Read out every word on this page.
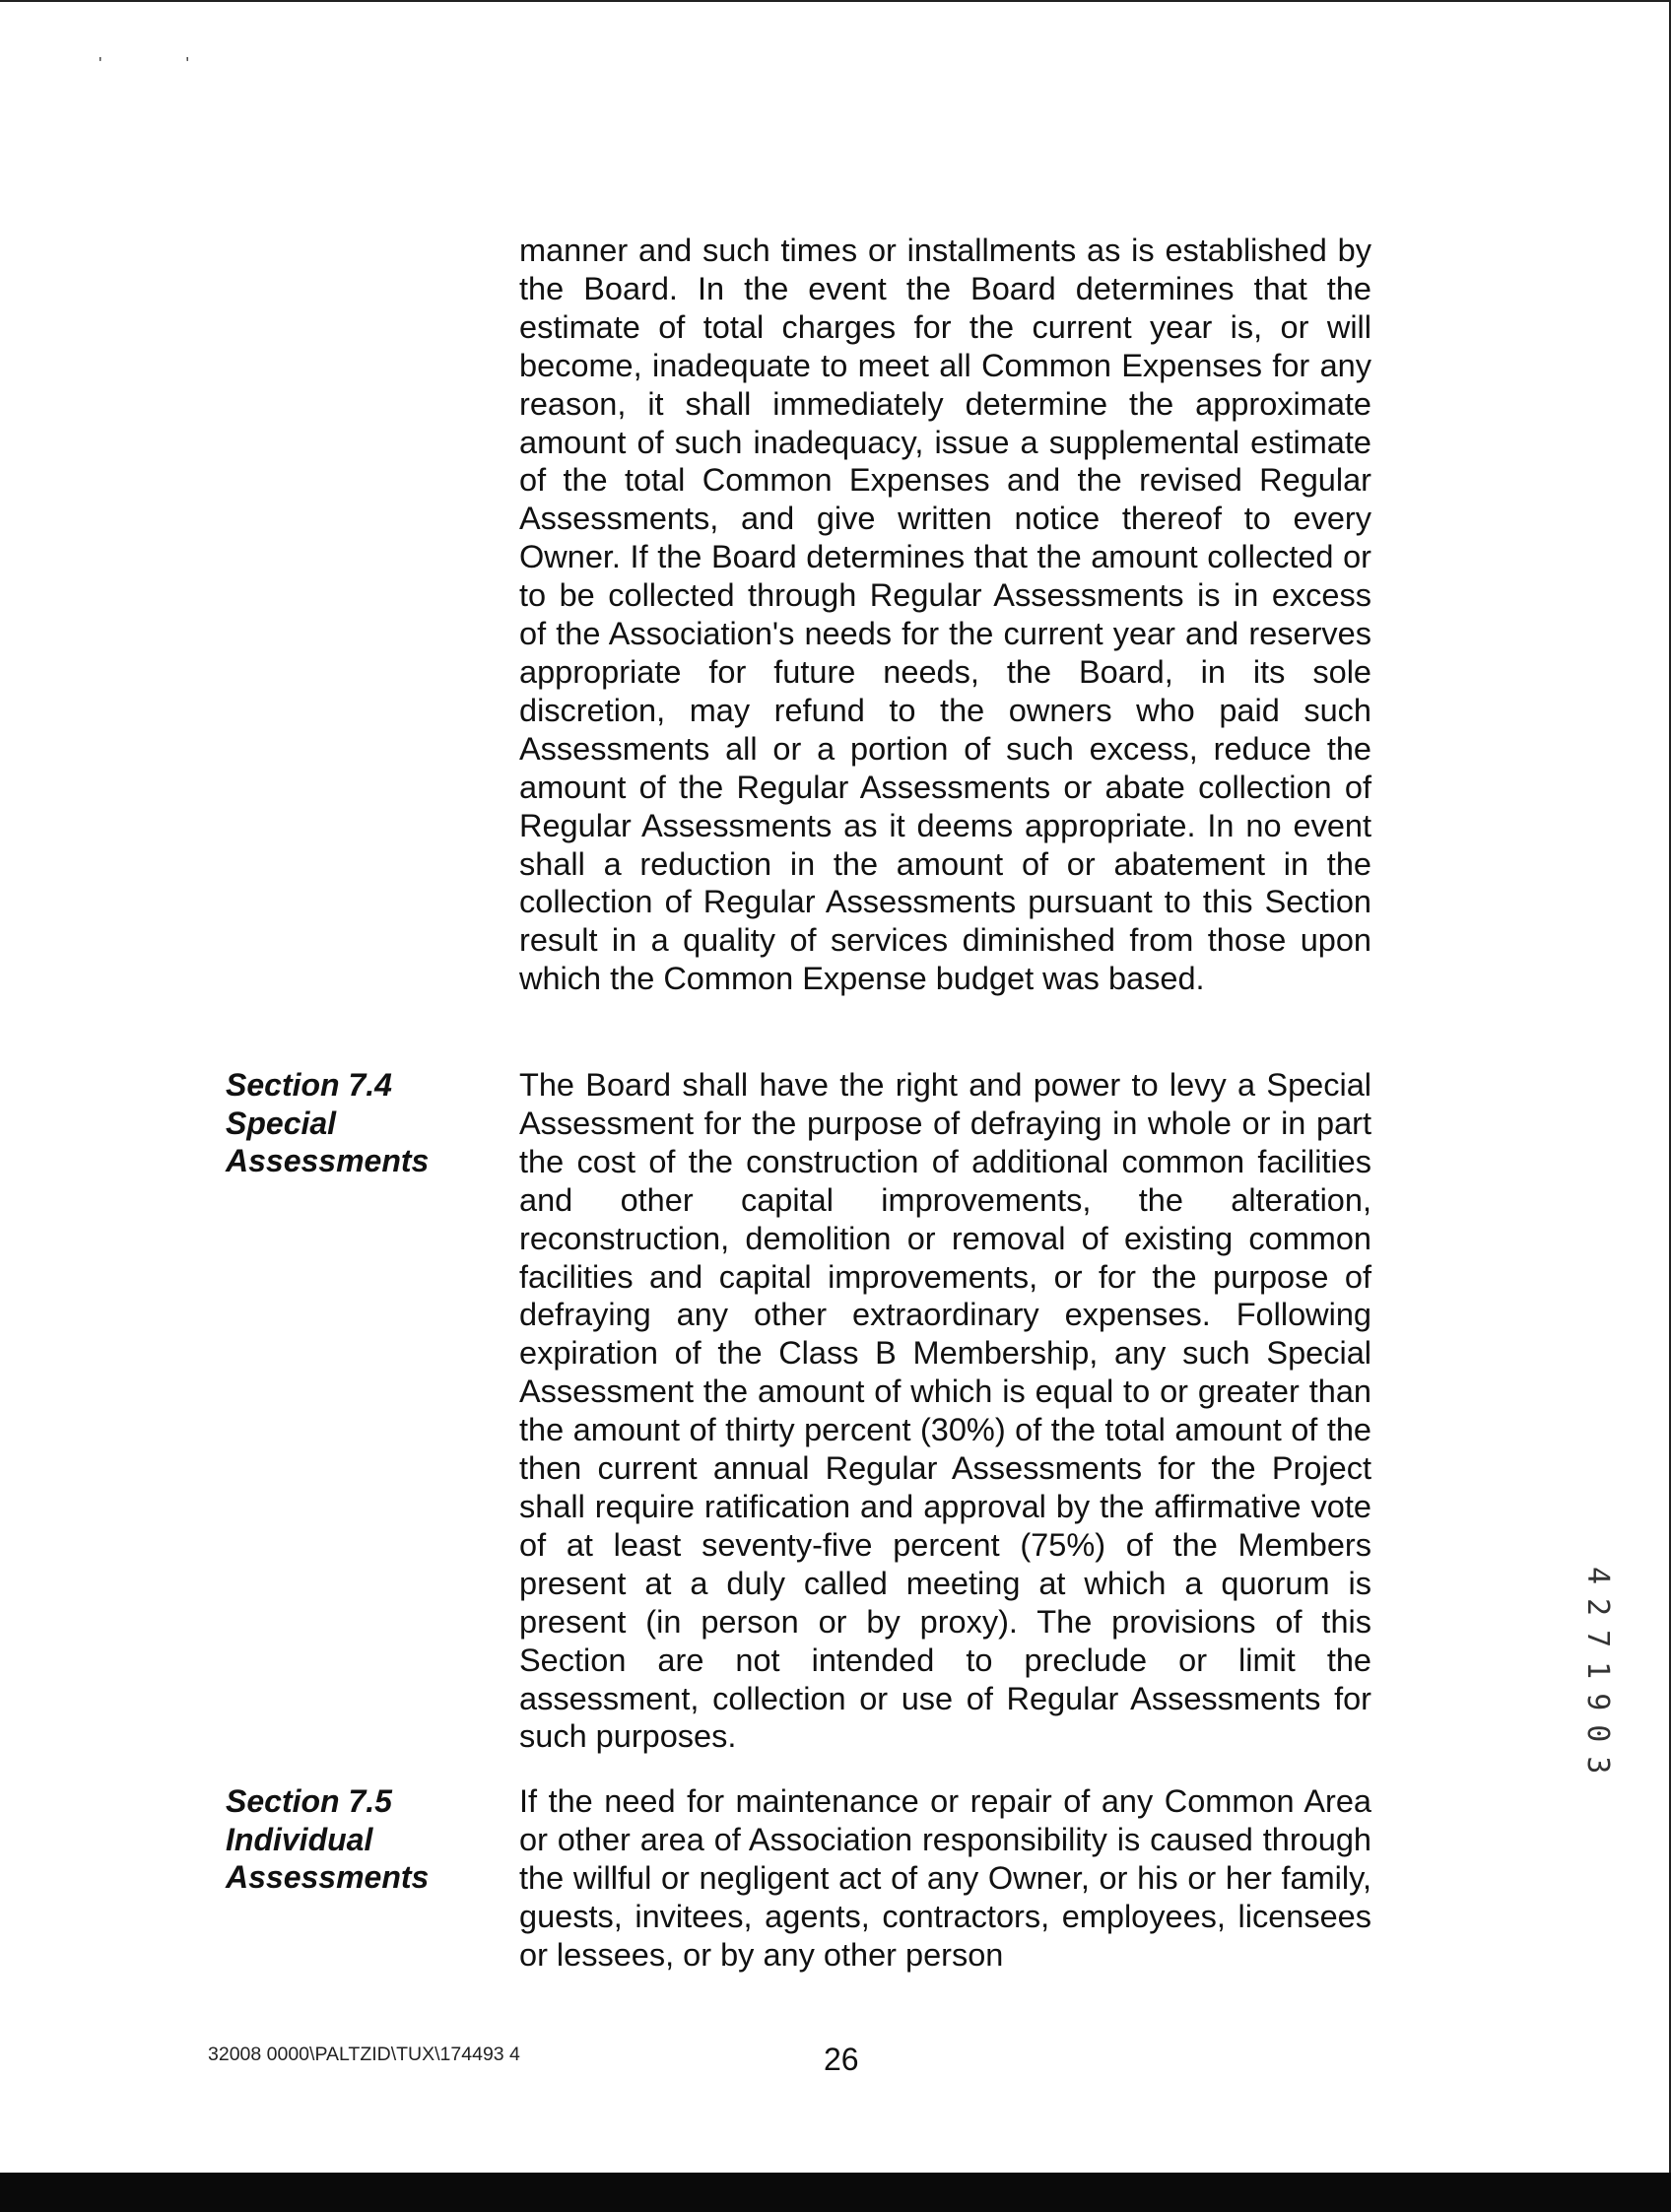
' '

manner and such times or installments as is established by the Board. In the event the Board determines that the estimate of total charges for the current year is, or will become, inadequate to meet all Common Expenses for any reason, it shall immediately determine the approximate amount of such inadequacy, issue a supplemental estimate of the total Common Expenses and the revised Regular Assessments, and give written notice thereof to every Owner. If the Board determines that the amount collected or to be collected through Regular Assessments is in excess of the Association's needs for the current year and reserves appropriate for future needs, the Board, in its sole discretion, may refund to the owners who paid such Assessments all or a portion of such excess, reduce the amount of the Regular Assessments or abate collection of Regular Assessments as it deems appropriate. In no event shall a reduction in the amount of or abatement in the collection of Regular Assessments pursuant to this Section result in a quality of services diminished from those upon which the Common Expense budget was based.

Section 7.4
Special
Assessments

The Board shall have the right and power to levy a Special Assessment for the purpose of defraying in whole or in part the cost of the construction of additional common facilities and other capital improvements, the alteration, reconstruction, demolition or removal of existing common facilities and capital improvements, or for the purpose of defraying any other extraordinary expenses. Following expiration of the Class B Membership, any such Special Assessment the amount of which is equal to or greater than the amount of thirty percent (30%) of the total amount of the then current annual Regular Assessments for the Project shall require ratification and approval by the affirmative vote of at least seventy-five percent (75%) of the Members present at a duly called meeting at which a quorum is present (in person or by proxy). The provisions of this Section are not intended to preclude or limit the assessment, collection or use of Regular Assessments for such purposes.

Section 7.5
Individual
Assessments

If the need for maintenance or repair of any Common Area or other area of Association responsibility is caused through the willful or negligent act of any Owner, or his or her family, guests, invitees, agents, contractors, employees, licensees or lessees, or by any other person

32008 0000\PALTZID\TUX\174493 4	26
4271903
